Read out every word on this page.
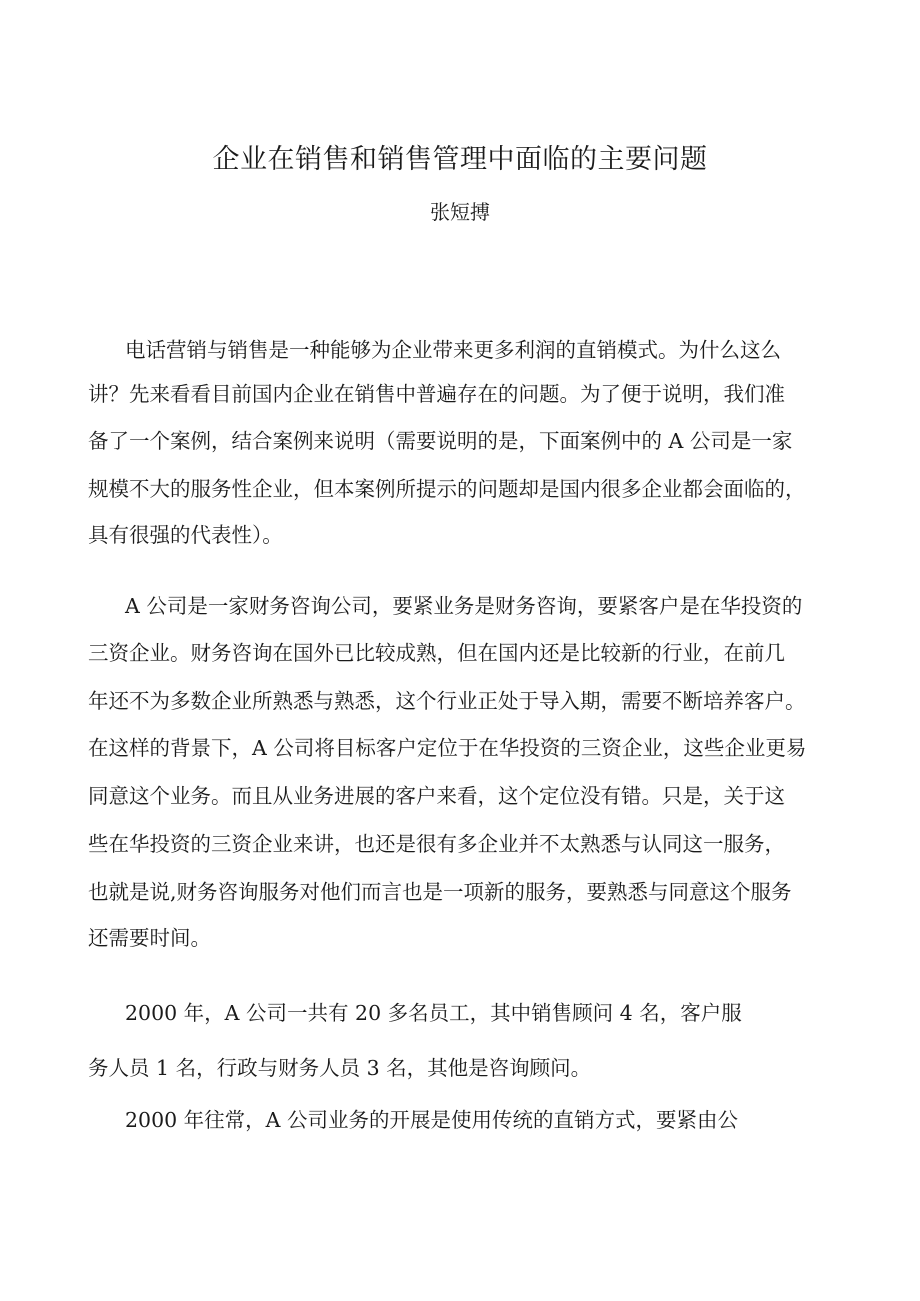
企业在销售和销售管理中面临的主要问题
张短搏
电话营销与销售是一种能够为企业带来更多利润的直销模式。为什么这么
讲？先来看看目前国内企业在销售中普遍存在的问题。为了便于说明，我们准
备了一个案例，结合案例来说明（需要说明的是，下面案例中的 A 公司是一家
规模不大的服务性企业，但本案例所提示的问题却是国内很多企业都会面临的，
具有很强的代表性）。
A 公司是一家财务咨询公司，要紧业务是财务咨询，要紧客户是在华投资的
三资企业。财务咨询在国外已比较成熟，但在国内还是比较新的行业，在前几
年还不为多数企业所熟悉与熟悉，这个行业正处于导入期，需要不断培养客户。
在这样的背景下，A 公司将目标客户定位于在华投资的三资企业，这些企业更易
同意这个业务。而且从业务进展的客户来看，这个定位没有错。只是，关于这
些在华投资的三资企业来讲，也还是很有多企业并不太熟悉与认同这一服务，
也就是说,财务咨询服务对他们而言也是一项新的服务，要熟悉与同意这个服务
还需要时间。
2000 年，A 公司一共有 20 多名员工，其中销售顾问 4 名，客户服
务人员 1 名，行政与财务人员 3 名，其他是咨询顾问。
2000 年往常，A 公司业务的开展是使用传统的直销方式，要紧由公
